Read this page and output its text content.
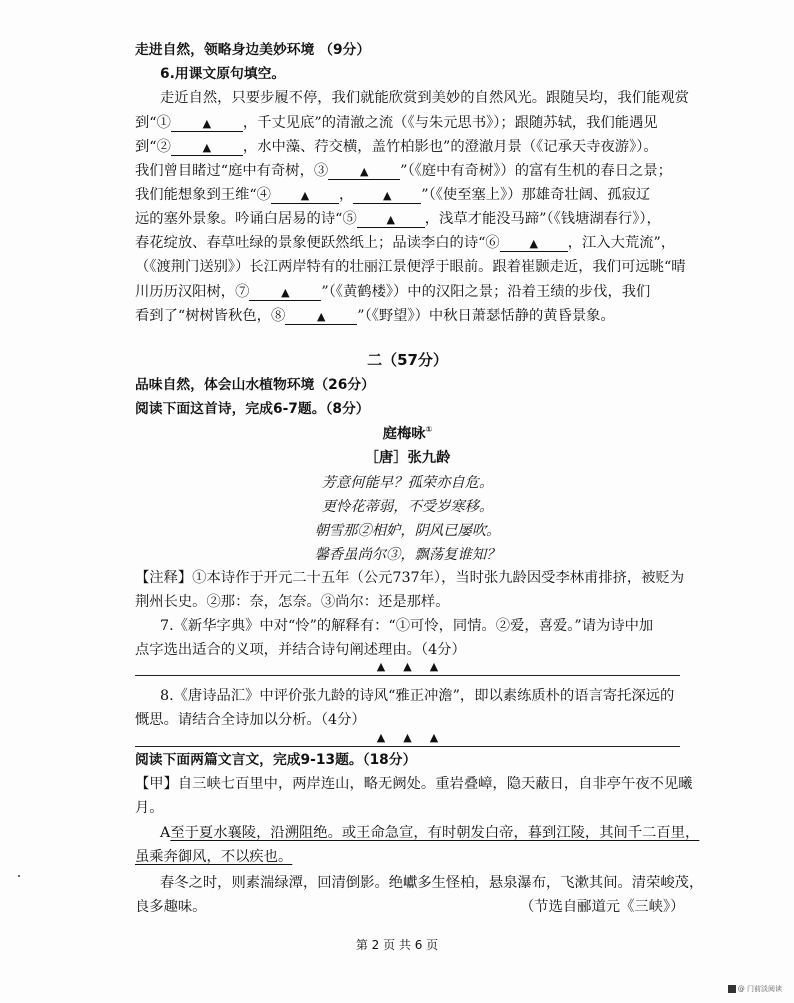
走进自然，领略身边美妙环境 （9分）
6.用课文原句填空。
走近自然，只要步履不停，我们就能欣赏到美妙的自然风光。跟随吴均，我们能观赏
到“①	▲ ，千丈见底”的清澈之流（《与朱元思书》）；跟随苏轼，我们能遇见
到“②	▲ ，水中藻、荇交横，盖竹柏影也”的澄澈月景（《记承天寺夜游》）。
我们曾目睹过“庭中有奇树，③	▲ ”（《庭中有奇树》）的富有生机的春日之景；
我们能想象到王维“④	▲ ，	▲ ”（《使至塞上》）那雄奇壮阔、孤寂辽
远的塞外景象。吟诵白居易的诗“⑤	▲ ，浅草才能没马蹄”（《钱塘湖春行》），
春花绽放、春草吐绿的景象便跃然纸上；品读李白的诗“⑥	▲ ，江入大荒流”，
（《渡荆门送别》）长江两岸特有的壮丽江景便浮于眼前。跟着崔颢走近，我们可远眺“晴
川历历汉阳树，⑦	▲ ”（《黄鹤楼》）中的汉阳之景；沿着王绩的步伐，我们
看到了“树树皆秋色，⑧	▲ ”（《野望》）中秋日萧瑟恬静的黄昏景象。
二（57分）
品味自然，体会山水植物环境（26分）
阅读下面这首诗，完成6-7题。（8分）
庭梅咏①
［唐］张九龄
芳意何能早？孤荣亦自危。
更怜花蒂弱，不受岁寒移。
朝雪那②相妒，阴风已屡吹。
馨香虽尚尔③，飘荡复谁知？
【注释】①本诗作于开元二十五年（公元737年），当时张九龄因受李林甫排挤，被贬为
荆州长史。②那：奈，怎奈。③尚尔：还是那样。
7.《新华字典》中对“怜”的解释有：“①可怜，同情。②爱，喜爱。”请为诗中加
点字选出适合的义项，并结合诗句阐述理由。（4分）
▲▲▲
8.《唐诗品汇》中评价张九龄的诗风“雅正冲澹”，即以素练质朴的语言寄托深远的
慨思。请结合全诗加以分析。（4分）
▲▲▲
阅读下面两篇文言文，完成9-13题。（18分）
【甲】自三峡七百里中，两岸连山，略无阙处。重岩叠嶂，隐天蔽日，自非亭午夜不见曦
月。
A至于夏水襄陵，沿溯阻绝。或王命急宣，有时朝发白帝，暮到江陵，其间千二百里，
虽乘奔御风，不以疾也。
春冬之时，则素湍绿潭，回清倒影。绝巘多生怪柏，悬泉瀑布，飞漱其间。清荣峻茂，
良多趣味。	（节选自郦道元《三峡》）
第 2 页 共 6 页
@ 门前淡阅读
